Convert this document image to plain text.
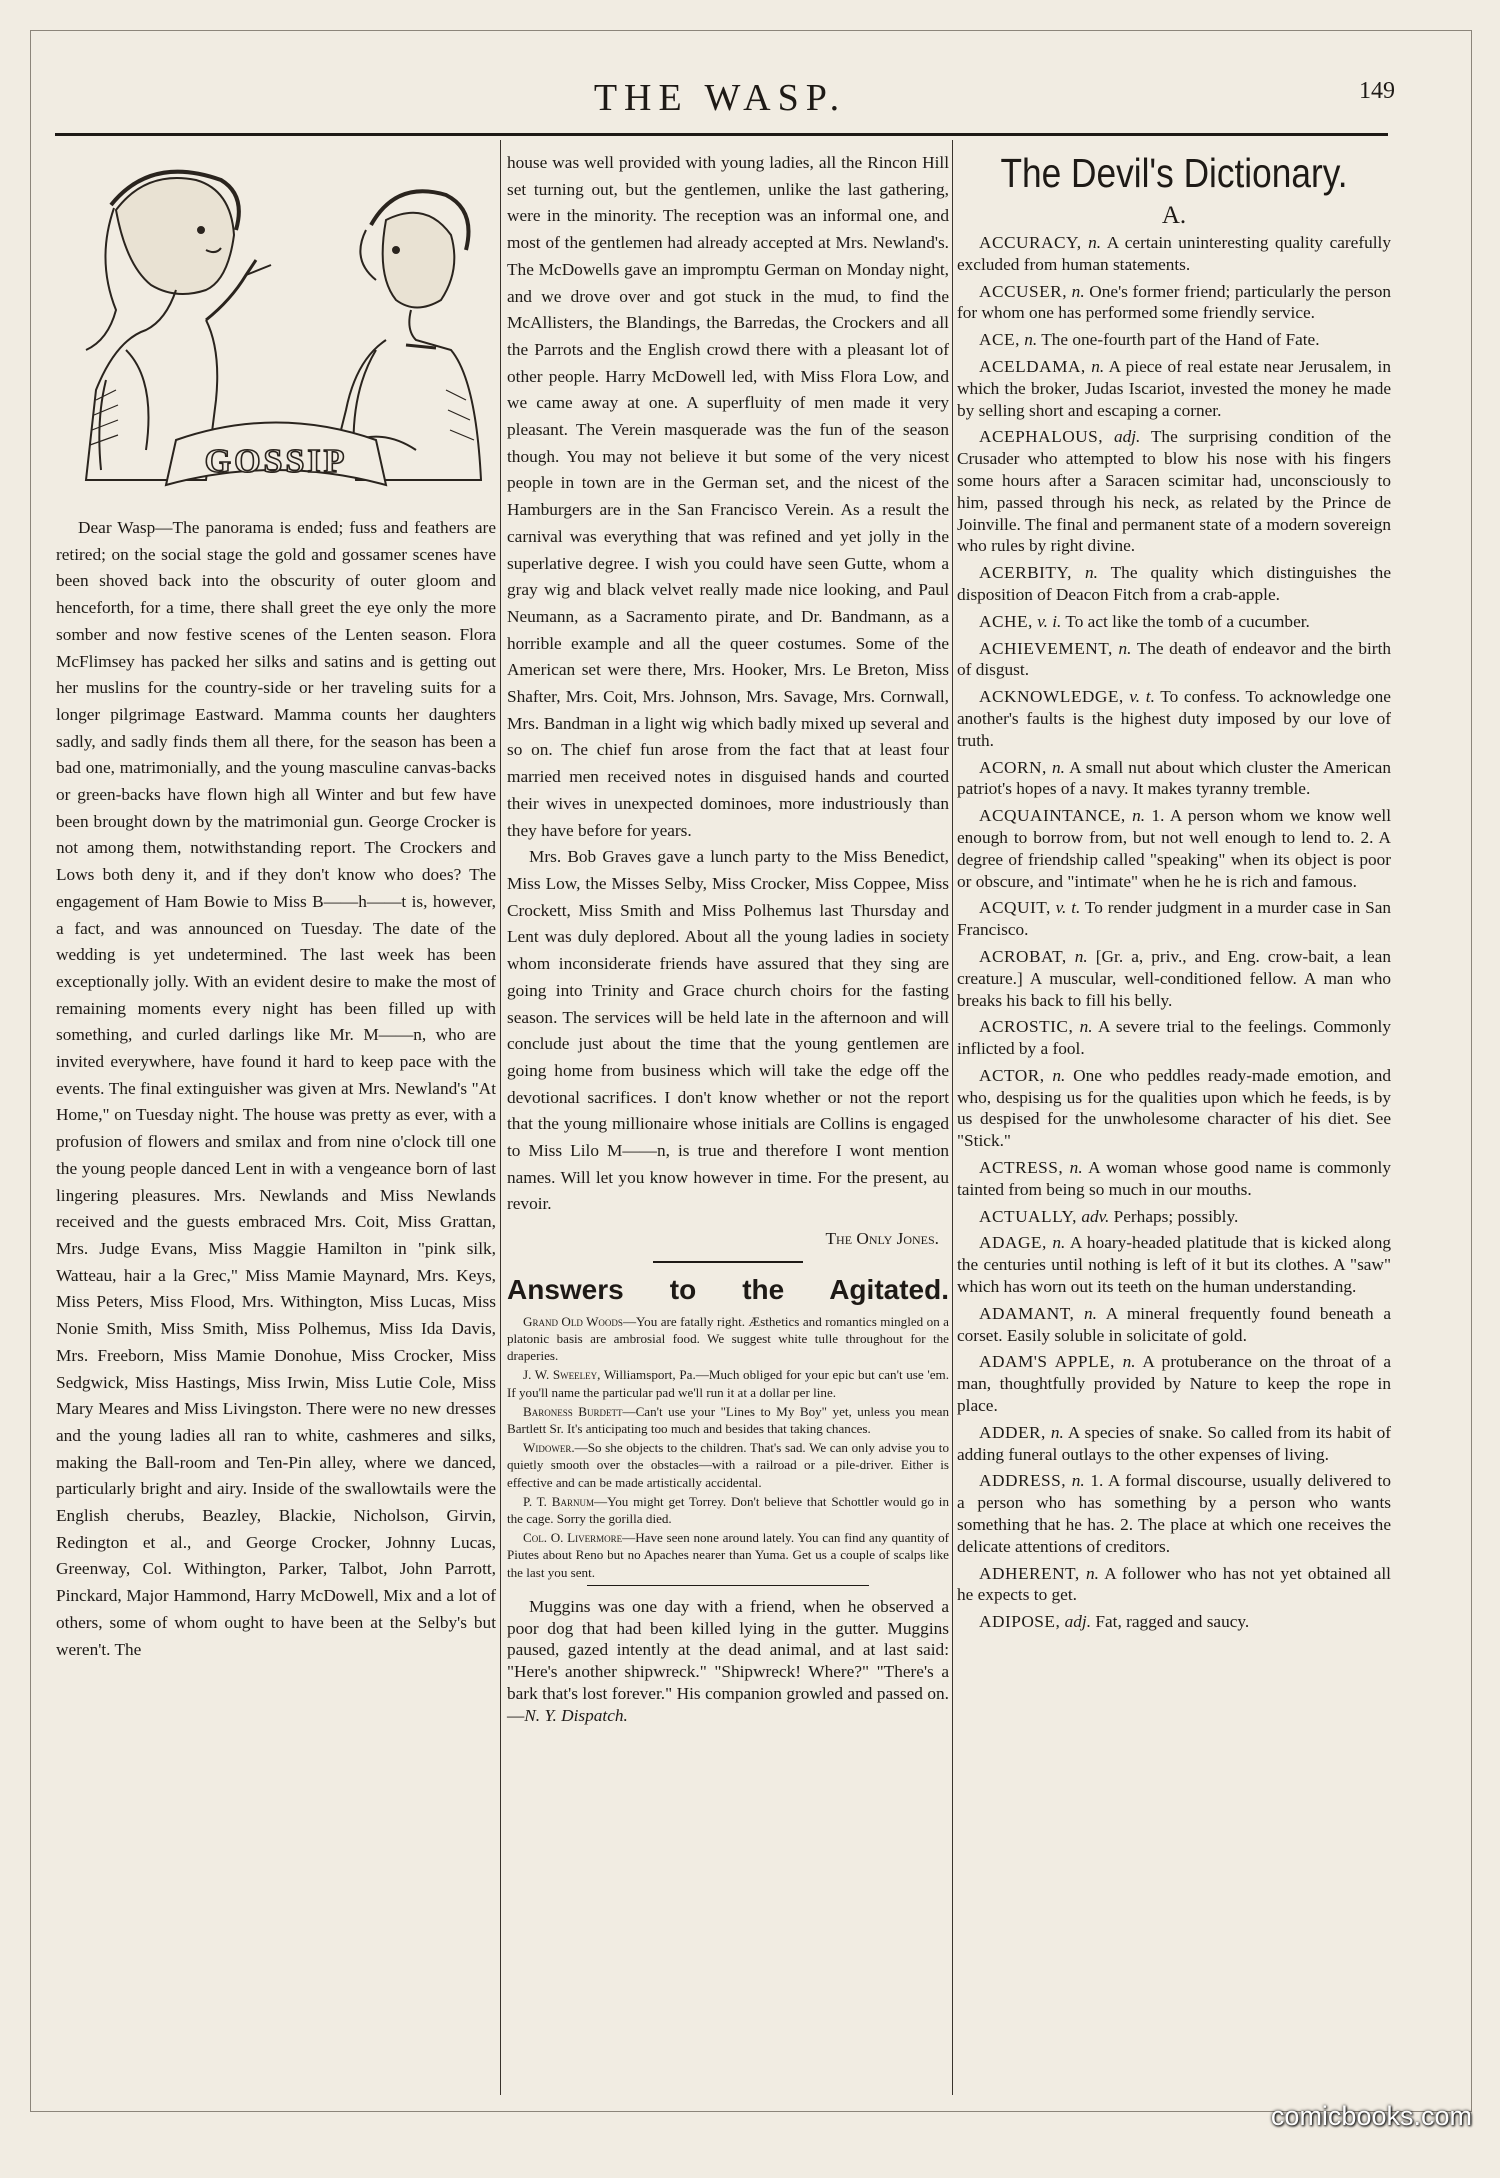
THE WASP.	149
GOSSIP

Dear Wasp—The panorama is ended; fuss and feathers are retired; on the social stage the gold and gossamer scenes have been shoved back into the obscurity of outer gloom and henceforth, for a time, there shall greet the eye only the more somber and now festive scenes of the Lenten season. Flora McFlimsey has packed her silks and satins and is getting out her muslins for the country-side or her traveling suits for a longer pilgrimage Eastward. Mamma counts her daughters sadly, and sadly finds them all there, for the season has been a bad one, matrimonially, and the young masculine canvas-backs or green-backs have flown high all Winter and but few have been brought down by the matrimonial gun. George Crocker is not among them, notwithstanding report. The Crockers and Lows both deny it, and if they don't know who does? The engagement of Ham Bowie to Miss B——h——t is, however, a fact, and was announced on Tuesday. The date of the wedding is yet undetermined. The last week has been exceptionally jolly. With an evident desire to make the most of remaining moments every night has been filled up with something, and curled darlings like Mr. M——n, who are invited everywhere, have found it hard to keep pace with the events. The final extinguisher was given at Mrs. Newland's "At Home," on Tuesday night. The house was pretty as ever, with a profusion of flowers and smilax and from nine o'clock till one the young people danced Lent in with a vengeance born of last lingering pleasures. Mrs. Newlands and Miss Newlands received and the guests embraced Mrs. Coit, Miss Grattan, Mrs. Judge Evans, Miss Maggie Hamilton in "pink silk, Watteau, hair a la Grec," Miss Mamie Maynard, Mrs. Keys, Miss Peters, Miss Flood, Mrs. Withington, Miss Lucas, Miss Nonie Smith, Miss Smith, Miss Polhemus, Miss Ida Davis, Mrs. Freeborn, Miss Mamie Donohue, Miss Crocker, Miss Sedgwick, Miss Hastings, Miss Irwin, Miss Lutie Cole, Miss Mary Meares and Miss Livingston. There were no new dresses and the young ladies all ran to white, cashmeres and silks, making the Ball-room and Ten-Pin alley, where we danced, particularly bright and airy. Inside of the swallowtails were the English cherubs, Beazley, Blackie, Nicholson, Girvin, Redington et al., and George Crocker, Johnny Lucas, Greenway, Col. Withington, Parker, Talbot, John Parrott, Pinckard, Major Hammond, Harry McDowell, Mix and a lot of others, some of whom ought to have been at the Selby's but weren't. The

house was well provided with young ladies, all the Rincon Hill set turning out, but the gentlemen, unlike the last gathering, were in the minority. The reception was an informal one, and most of the gentlemen had already accepted at Mrs. Newland's. The McDowells gave an impromptu German on Monday night, and we drove over and got stuck in the mud, to find the McAllisters, the Blandings, the Barredas, the Crockers and all the Parrots and the English crowd there with a pleasant lot of other people. Harry McDowell led, with Miss Flora Low, and we came away at one. A superfluity of men made it very pleasant. The Verein masquerade was the fun of the season though. You may not believe it but some of the very nicest people in town are in the German set, and the nicest of the Hamburgers are in the San Francisco Verein. As a result the carnival was everything that was refined and yet jolly in the superlative degree. I wish you could have seen Gutte, whom a gray wig and black velvet really made nice looking, and Paul Neumann, as a Sacramento pirate, and Dr. Bandmann, as a horrible example and all the queer costumes. Some of the American set were there, Mrs. Hooker, Mrs. Le Breton, Miss Shafter, Mrs. Coit, Mrs. Johnson, Mrs. Savage, Mrs. Cornwall, Mrs. Bandman in a light wig which badly mixed up several and so on. The chief fun arose from the fact that at least four married men received notes in disguised hands and courted their wives in unexpected dominoes, more industriously than they have before for years.

Mrs. Bob Graves gave a lunch party to the Miss Benedict, Miss Low, the Misses Selby, Miss Crocker, Miss Coppee, Miss Crockett, Miss Smith and Miss Polhemus last Thursday and Lent was duly deplored. About all the young ladies in society whom inconsiderate friends have assured that they sing are going into Trinity and Grace church choirs for the fasting season. The services will be held late in the afternoon and will conclude just about the time that the young gentlemen are going home from business which will take the edge off the devotional sacrifices. I don't know whether or not the report that the young millionaire whose initials are Collins is engaged to Miss Lilo M——n, is true and therefore I wont mention names. Will let you know however in time. For the present, au revoir.

The Only Jones.
Answers to the Agitated.

Grand Old Woods—You are fatally right. Æsthetics and romantics mingled on a platonic basis are ambrosial food. We suggest white tulle throughout for the draperies.

J. W. Sweeley, Williamsport, Pa.—Much obliged for your epic but can't use 'em. If you'll name the particular pad we'll run it at a dollar per line.

Baroness Burdett—Can't use your "Lines to My Boy" yet, unless you mean Bartlett Sr. It's anticipating too much and besides that taking chances.

Widower.—So she objects to the children. That's sad. We can only advise you to quietly smooth over the obstacles—with a railroad or a pile-driver. Either is effective and can be made artistically accidental.

P. T. Barnum—You might get Torrey. Don't believe that Schottler would go in the cage. Sorry the gorilla died.

Col. O. Livermore—Have seen none around lately. You can find any quantity of Piutes about Reno but no Apaches nearer than Yuma. Get us a couple of scalps like the last you sent.

Muggins was one day with a friend, when he observed a poor dog that had been killed lying in the gutter. Muggins paused, gazed intently at the dead animal, and at last said: "Here's another shipwreck." "Shipwreck! Where?" "There's a bark that's lost forever." His companion growled and passed on.—N. Y. Dispatch.

The Devil's Dictionary.
A.

ACCURACY, n. A certain uninteresting quality carefully excluded from human statements.

ACCUSER, n. One's former friend; particularly the person for whom one has performed some friendly service.

ACE, n. The one-fourth part of the Hand of Fate.

ACELDAMA, n. A piece of real estate near Jerusalem, in which the broker, Judas Iscariot, invested the money he made by selling short and escaping a corner.

ACEPHALOUS, adj. The surprising condition of the Crusader who attempted to blow his nose with his fingers some hours after a Saracen scimitar had, unconsciously to him, passed through his neck, as related by the Prince de Joinville. The final and permanent state of a modern sovereign who rules by right divine.

ACERBITY, n. The quality which distinguishes the disposition of Deacon Fitch from a crab-apple.

ACHE, v. i. To act like the tomb of a cucumber.

ACHIEVEMENT, n. The death of endeavor and the birth of disgust.

ACKNOWLEDGE, v. t. To confess. To acknowledge one another's faults is the highest duty imposed by our love of truth.

ACORN, n. A small nut about which cluster the American patriot's hopes of a navy. It makes tyranny tremble.

ACQUAINTANCE, n. 1. A person whom we know well enough to borrow from, but not well enough to lend to. 2. A degree of friendship called "speaking" when its object is poor or obscure, and "intimate" when he he is rich and famous.

ACQUIT, v. t. To render judgment in a murder case in San Francisco.

ACROBAT, n. [Gr. a, priv., and Eng. crow-bait, a lean creature.] A muscular, well-conditioned fellow. A man who breaks his back to fill his belly.

ACROSTIC, n. A severe trial to the feelings. Commonly inflicted by a fool.

ACTOR, n. One who peddles ready-made emotion, and who, despising us for the qualities upon which he feeds, is by us despised for the unwholesome character of his diet. See "Stick."

ACTRESS, n. A woman whose good name is commonly tainted from being so much in our mouths.

ACTUALLY, adv. Perhaps; possibly.

ADAGE, n. A hoary-headed platitude that is kicked along the centuries until nothing is left of it but its clothes. A "saw" which has worn out its teeth on the human understanding.

ADAMANT, n. A mineral frequently found beneath a corset. Easily soluble in solicitate of gold.

ADAM'S APPLE, n. A protuberance on the throat of a man, thoughtfully provided by Nature to keep the rope in place.

ADDER, n. A species of snake. So called from its habit of adding funeral outlays to the other expenses of living.

ADDRESS, n. 1. A formal discourse, usually delivered to a person who has something by a person who wants something that he has. 2. The place at which one receives the delicate attentions of creditors.

ADHERENT, n. A follower who has not yet obtained all he expects to get.

ADIPOSE, adj. Fat, ragged and saucy.

comicbooks.com
